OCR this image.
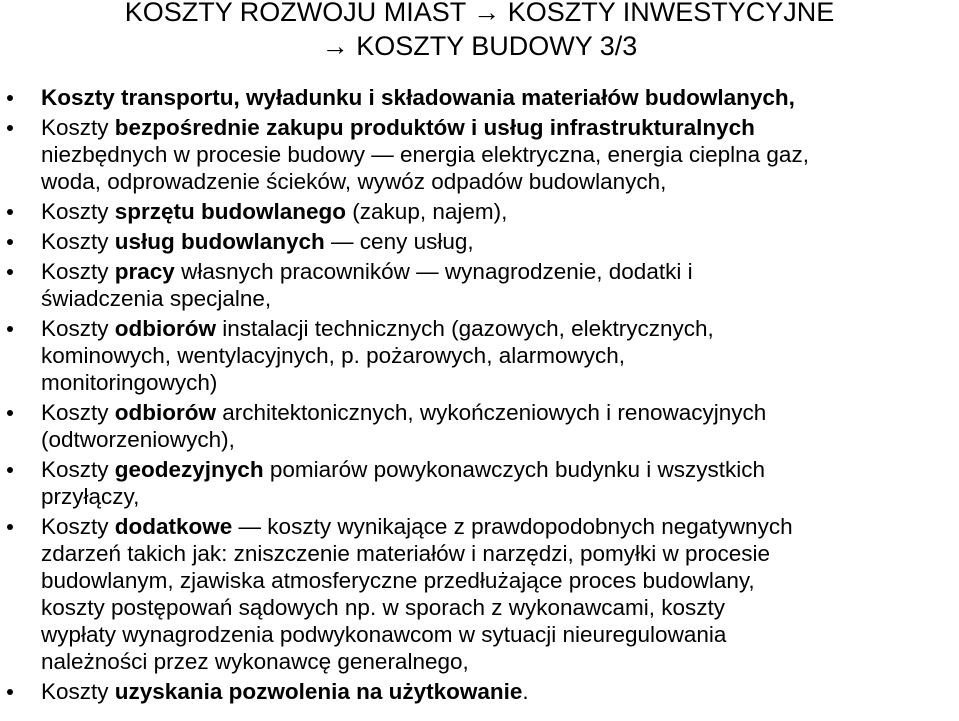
KOSZTY ROZWOJU MIAST → KOSZTY INWESTYCYJNE
→ KOSZTY BUDOWY 3/3
Koszty transportu, wyładunku i składowania materiałów budowlanych,
Koszty bezpośrednie zakupu produktów i usług infrastrukturalnych
niezbędnych w procesie budowy — energia elektryczna, energia cieplna gaz,
woda, odprowadzenie ścieków, wywóz odpadów budowlanych,
Koszty sprzętu budowlanego (zakup, najem),
Koszty usług budowlanych — ceny usług,
Koszty pracy własnych pracowników — wynagrodzenie, dodatki i
świadczenia specjalne,
Koszty odbiorów instalacji technicznych (gazowych, elektrycznych,
kominowych, wentylacyjnych, p. pożarowych, alarmowych,
monitoringowych)
Koszty odbiorów architektonicznych, wykończeniowych i renowacyjnych
(odtworzeniowych),
Koszty geodezyjnych pomiarów powykonawczych budynku i wszystkich
przyłączy,
Koszty dodatkowe — koszty wynikające z prawdopodobnych negatywnych
zdarzeń takich jak: zniszczenie materiałów i narzędzi, pomyłki w procesie
budowlanym, zjawiska atmosferyczne przedłużające proces budowlany,
koszty postępowań sądowych np. w sporach z wykonawcami, koszty
wypłaty wynagrodzenia podwykonawcom w sytuacji nieuregulowania
należności przez wykonawcę generalnego,
Koszty uzyskania pozwolenia na użytkowanie.
